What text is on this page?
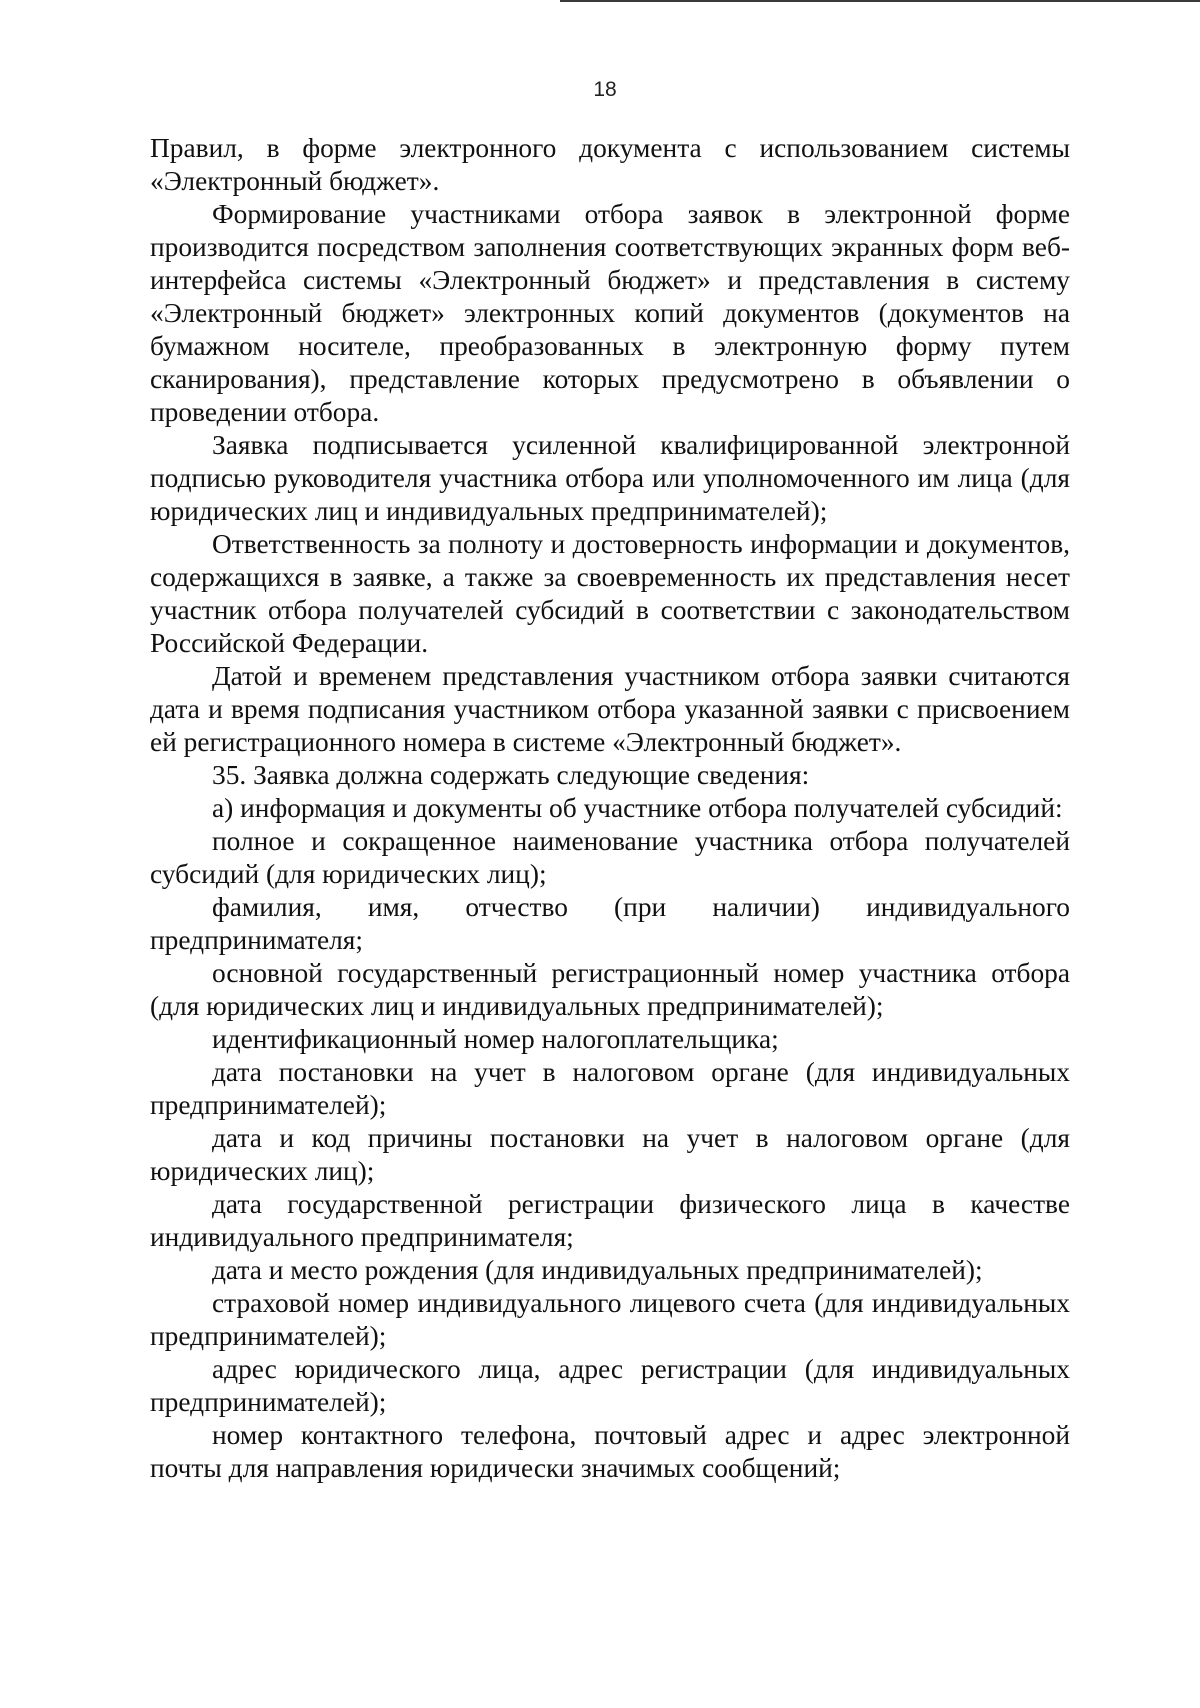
18

Правил, в форме электронного документа с использованием системы «Электронный бюджет».

Формирование участниками отбора заявок в электронной форме производится посредством заполнения соответствующих экранных форм веб-интерфейса системы «Электронный бюджет» и представления в систему «Электронный бюджет» электронных копий документов (документов на бумажном носителе, преобразованных в электронную форму путем сканирования), представление которых предусмотрено в объявлении о проведении отбора.

Заявка подписывается усиленной квалифицированной электронной подписью руководителя участника отбора или уполномоченного им лица (для юридических лиц и индивидуальных предпринимателей);

Ответственность за полноту и достоверность информации и документов, содержащихся в заявке, а также за своевременность их представления несет участник отбора получателей субсидий в соответствии с законодательством Российской Федерации.

Датой и временем представления участником отбора заявки считаются дата и время подписания участником отбора указанной заявки с присвоением ей регистрационного номера в системе «Электронный бюджет».

35. Заявка должна содержать следующие сведения:

а) информация и документы об участнике отбора получателей субсидий:

полное и сокращенное наименование участника отбора получателей субсидий (для юридических лиц);

фамилия, имя, отчество (при наличии) индивидуального предпринимателя;

основной государственный регистрационный номер участника отбора (для юридических лиц и индивидуальных предпринимателей);

идентификационный номер налогоплательщика;

дата постановки на учет в налоговом органе (для индивидуальных предпринимателей);

дата и код причины постановки на учет в налоговом органе (для юридических лиц);

дата государственной регистрации физического лица в качестве индивидуального предпринимателя;

дата и место рождения (для индивидуальных предпринимателей);

страховой номер индивидуального лицевого счета (для индивидуальных предпринимателей);

адрес юридического лица, адрес регистрации (для индивидуальных предпринимателей);

номер контактного телефона, почтовый адрес и адрес электронной почты для направления юридически значимых сообщений;
